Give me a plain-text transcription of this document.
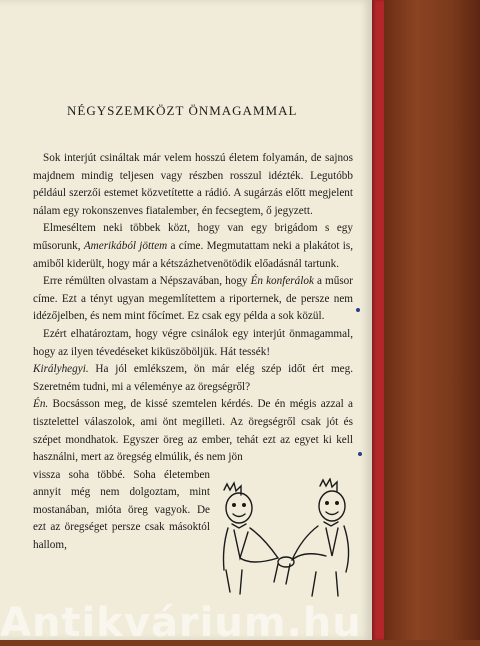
NÉGYSZEMKÖZT ÖNMAGAMMAL

Sok interjút csináltak már velem hosszú életem folyamán, de sajnos majdnem mindig teljesen vagy részben rosszul idézték. Legutóbb például szerzői estemet közvetítette a rádió. A sugárzás előtt megjelent nálam egy rokonszenves fiatalember, én fecsegtem, ő jegyzett.

Elmeséltem neki többek közt, hogy van egy brigádom s egy műsorunk, Amerikából jöttem a címe. Megmutattam neki a plakátot is, amiből kiderült, hogy már a kétszázhetvenötödik előadásnál tartunk.

Erre rémülten olvastam a Népszavában, hogy Én konferálok a műsor címe. Ezt a tényt ugyan megemlítettem a riporternek, de persze nem idézőjelben, és nem mint főcímet. Ez csak egy példa a sok közül.

Ezért elhatároztam, hogy végre csinálok egy interjút önmagammal, hogy az ilyen tévedéseket kiküszöböljük. Hát tessék!

Királyhegyi. Ha jól emlékszem, ön már elég szép időt ért meg. Szeretném tudni, mi a véleménye az öregségről?

Én. Bocsásson meg, de kissé szemtelen kérdés. De én mégis azzal a tisztelettel válaszolok, ami önt megilleti. Az öregségről csak jót és szépet mondhatok. Egyszer öreg az ember, tehát ezt az egyet ki kell használni, mert az öregség elmúlik, és nem jön

vissza soha többé. Soha életemben annyit még nem dolgoztam, mint mostanában, mióta öreg vagyok. De ezt az öregséget persze csak másoktól hallom,

Antikvárium.hu
